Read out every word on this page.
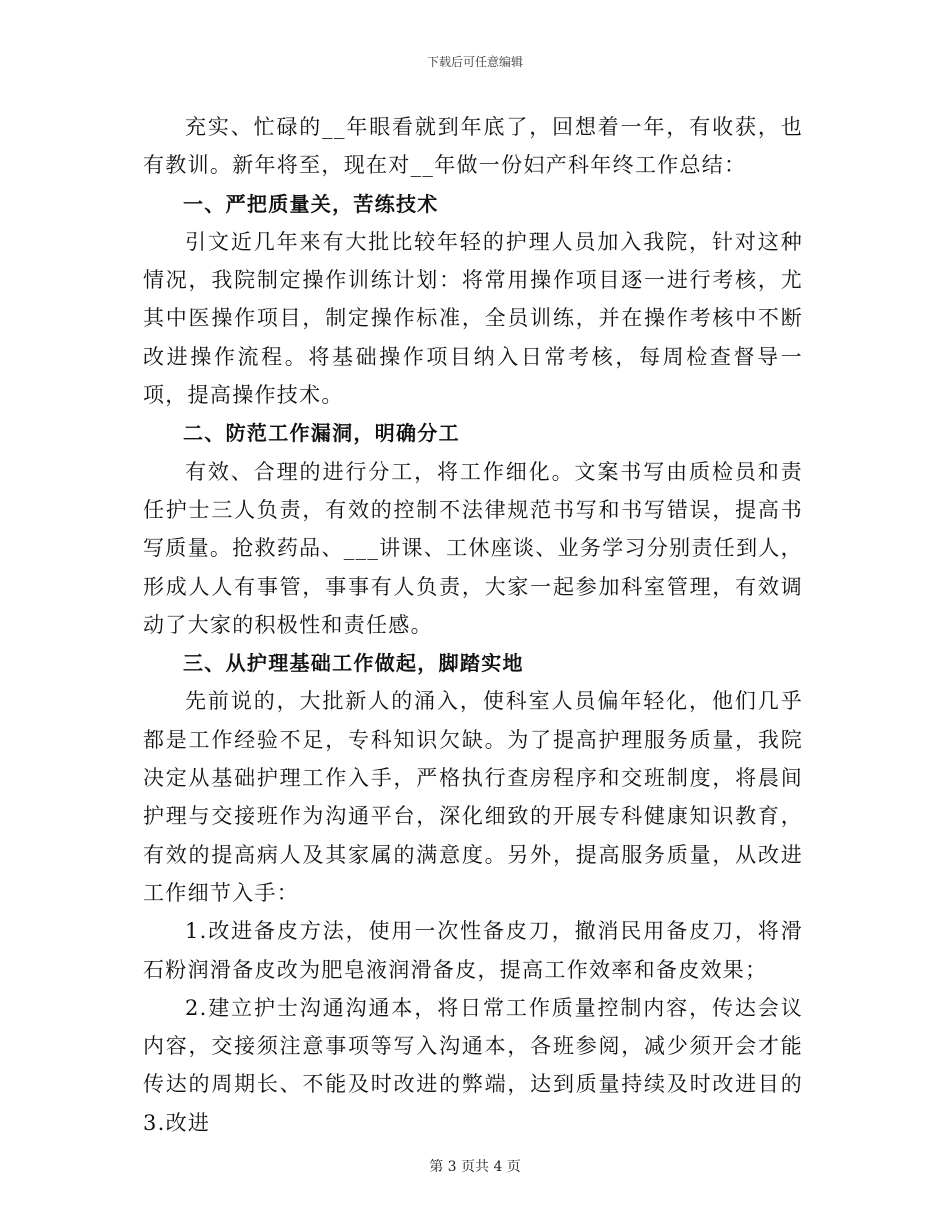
下载后可任意编辑

充实、忙碌的__年眼看就到年底了，回想着一年，有收获，也有教训。新年将至，现在对__年做一份妇产科年终工作总结：

一、严把质量关，苦练技术

引文近几年来有大批比较年轻的护理人员加入我院，针对这种情况，我院制定操作训练计划：将常用操作项目逐一进行考核，尤其中医操作项目，制定操作标准，全员训练，并在操作考核中不断改进操作流程。将基础操作项目纳入日常考核，每周检查督导一项，提高操作技术。

二、防范工作漏洞，明确分工

有效、合理的进行分工，将工作细化。文案书写由质检员和责任护士三人负责，有效的控制不法律规范书写和书写错误，提高书写质量。抢救药品、___讲课、工休座谈、业务学习分别责任到人，形成人人有事管，事事有人负责，大家一起参加科室管理，有效调动了大家的积极性和责任感。

三、从护理基础工作做起，脚踏实地

先前说的，大批新人的涌入，使科室人员偏年轻化，他们几乎都是工作经验不足，专科知识欠缺。为了提高护理服务质量，我院决定从基础护理工作入手，严格执行查房程序和交班制度，将晨间护理与交接班作为沟通平台，深化细致的开展专科健康知识教育，有效的提高病人及其家属的满意度。另外，提高服务质量，从改进工作细节入手：

1.改进备皮方法，使用一次性备皮刀，撤消民用备皮刀，将滑石粉润滑备皮改为肥皂液润滑备皮，提高工作效率和备皮效果；

2.建立护士沟通沟通本，将日常工作质量控制内容，传达会议内容，交接须注意事项等写入沟通本，各班参阅，减少须开会才能传达的周期长、不能及时改进的弊端，达到质量持续及时改进目的3.改进

第 3 页共 4 页
